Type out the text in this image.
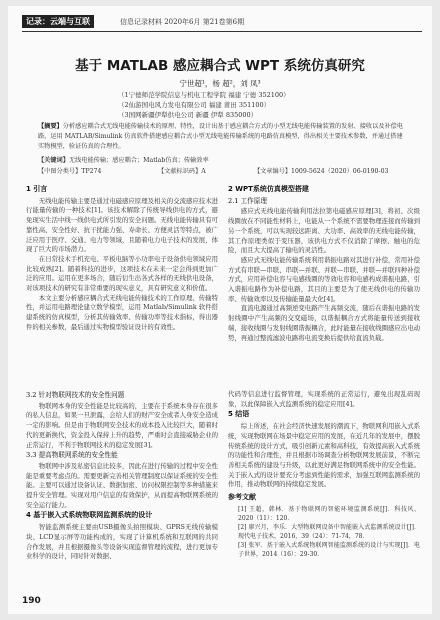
记录：云端与互联	信息记录材料 2020年6月 第21卷第6期
基于 MATLAB 感应耦合式 WPT 系统仿真研究
宁世超¹，杨 超²，刘 凤³
（1宁德师范学院信息与机电工程学院 福建 宁德 352100）
（2仙游国电风力发电有限公司 福建 莆田 351100）
（3国网新疆伊犁供电公司 新疆 伊犁 835000）
【摘要】分析感应耦合式无线电能传输技术的原理、特性，设计出基于感应耦合方式的小型无线电能传输装置的发射、接收以及补偿电路，运用 MATLAB/Simulink 仿真软件搭建感应耦合式小型无线电能传输系统的电路仿真模型，得出相关主要技术参数，并通过搭建实物模型，验证仿真的合理性。
【关键词】无线电能传输；感应耦合；Matlab仿真；传输效率
【中图分类号】TP274	【文献标识码】A	【文章编号】1009-5624（2020）06-0190-03
1 引言

无线电能传输主要是通过电磁感应原理及相关的交流感应技术进行能量传输的一种技术[1]。该技术解除了传统导线供电的方式，避免现实生活中线一线供电式所引发的安全问题。无线电能传输具有可靠性高、安全性好、抗干扰能力强、寿命长、方便灵活等特点，被广泛应用于医疗、交通、电力等领域，且随着电力电子技术的发展，体现了巨大的市场潜力。

在日常技术手机充电、平板电脑等小功率电子设备供电领域应用比较成熟[2]。随着科技的进步，这项技术在未来一定会得到更加广泛的应用。运用在更多场合，随后衍生出各式各样的无线供电设备，对该项技术的研究有非常重要的现实意义，具有研究意义和价值。

本文主要分析感应耦合式无线电能传输技术的工作原理、传输特性，并运用电路理论建立数学模型，运用 Matlab/Simulink 软件搭建系统的仿真模型，分析其传输效率、传输功率等技术指标，得出器件的相关参数，最后通过实物模型验证设计的有效性。

2 WPT系统仿真模型搭建

2.1 工作原理

感应式无线电能传输利用法拉第电磁感应原理[3]，将初、次级线圈放在不同能性材料上，电能从一个系统不需要物理连接而传输到另一个系统，可以实现较远距离、大功率、高效率的无线电能传输，其工作原理类似于变压器，该供电方式不仅消除了摩擦、触电的危险，而且大大提高了输电的灵活性。

感应式无线电能传输系统利用谐振电路对其进行补偿，常用补偿方式有串联—串联、串联—并联、并联—串联、并联—并联四种补偿方式，应用补偿电容与电感线圈的等效电容和电感构成谐振电路，引入谐振电路作为补偿电路，其目的主要是为了使无线供电的传输功率、传输效率以及传输能量最大化[4]。

直流电源通过高频逆变电路产生高频交流，随后在谐振电路的发射线圈中产生高频的交变磁场，以谐振耦合方式将能量传送到接收端，接收线圈与发射线圈谐振耦合，此时能量在接收线圈感应出电动势，再通过整流滤波电路将电流变换后提供给直流负载。

3.2 针对物联网技术的安全性问题

物联网本身的安全性能是比较高的，主要在于系统本身存在很多的私人信息，如果一旦泄露，会给人们的财产安全或者人身安全造成一定的影响。但是由于物联网安全技术的成本投入比较巨大，随着时代的更新换代，资金投入保持上升的趋势，严重时会直接威胁企业的正常运行，不利于物联网技术的稳定发展[3]。

3.3 提高物联网系统的安全性能

物联网中涉及私密信息比较多，因此在进行传输的过程中安全性能是重要考虑点的。需要更新完善相关管理制度以保证系统的安全性能。主要可以通过设备认证、数据加密、访问权限控制等多种措施来提升安全管理。实现对用户信息的有效保护，从而提高物联网系统的安全运行能力。

4 基于嵌入式系统物联网监测系统的设计

智能监测系统主要由USB摄像头拍照模块、GPRS无线传输模块、LCD显示屏等功能构成的，实现了计算机系统和互联网的共同合作发展，并且根据摄像头等设备实现监督管理的流程，进行更加专业科学的设计，同时针对数据、

代码等信息进行监督管理，实现系统的正常运行，避免出现乱码现象，以此保障嵌入式监测系统的稳定应用[4]。

5 结语

综上所述，在社会经济快速发展的潮流下，物联网利用嵌入式系统，实现物联网在场景中稳定应用的发展，在近几年的发展中，摆脱传统系统的设计方式，吸引创新元素和高科技，有效提高嵌入式系统的功能性和合理性，并且根据市场调查分析物联网发展前景，不断完善相关系统的建设与升级，以此更好满足物联网系统中的安全性能。关于嵌入式的设计要充分考虑到性能的需求，加强互联网监测系统的作用，推动物联网的持续稳定发展。

参考文献

[1] 王超，韩林．基于物联网的智能环境监测系统[J]．科技风，2020（11）：120．

[2] 廖兴月，李乐．大型物联网设备中智能嵌入式监测系统设计[J]．现代电子技术，2016，39（24）：71-74，78．

[3] 张军．基于嵌入式系统物联网智能监测系统的设计与实现[J]．电子世界，2014（16）：29-30．

190
